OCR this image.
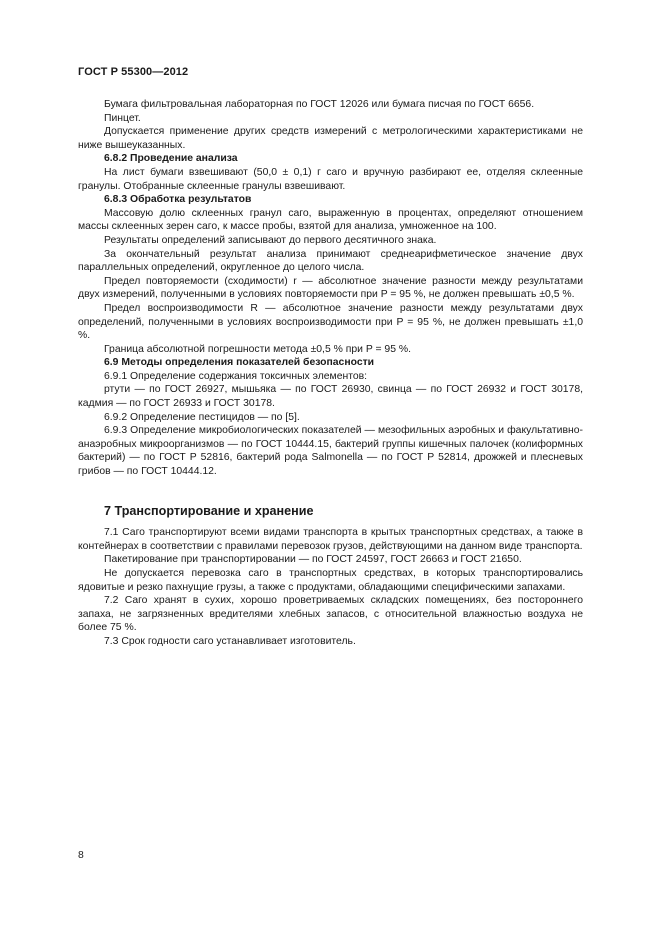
ГОСТ Р 55300—2012

Бумага фильтровальная лабораторная по ГОСТ 12026 или бумага писчая по ГОСТ 6656.

Пинцет.

Допускается применение других средств измерений с метрологическими характеристиками не ниже вышеуказанных.

6.8.2 Проведение анализа

На лист бумаги взвешивают (50,0 ± 0,1) г саго и вручную разбирают ее, отделяя склеенные гранулы. Отобранные склеенные гранулы взвешивают.

6.8.3 Обработка результатов

Массовую долю склеенных гранул саго, выраженную в процентах, определяют отношением массы склеенных зерен саго, к массе пробы, взятой для анализа, умноженное на 100.

Результаты определений записывают до первого десятичного знака.

За окончательный результат анализа принимают среднеарифметическое значение двух параллельных определений, округленное до целого числа.

Предел повторяемости (сходимости) r — абсолютное значение разности между результатами двух измерений, полученными в условиях повторяемости при P = 95 %, не должен превышать ±0,5 %.

Предел воспроизводимости R — абсолютное значение разности между результатами двух определений, полученными в условиях воспроизводимости при P = 95 %, не должен превышать ±1,0 %.

Граница абсолютной погрешности метода ±0,5 % при P = 95 %.

6.9 Методы определения показателей безопасности

6.9.1 Определение содержания токсичных элементов:

ртути — по ГОСТ 26927, мышьяка — по ГОСТ 26930, свинца — по ГОСТ 26932 и ГОСТ 30178, кадмия — по ГОСТ 26933 и ГОСТ 30178.

6.9.2 Определение пестицидов — по [5].

6.9.3 Определение микробиологических показателей — мезофильных аэробных и факультативно-анаэробных микроорганизмов — по ГОСТ 10444.15, бактерий группы кишечных палочек (колиформных бактерий) — по ГОСТ Р 52816, бактерий рода Salmonella — по ГОСТ Р 52814, дрожжей и плесневых грибов — по ГОСТ 10444.12.

7 Транспортирование и хранение

7.1 Саго транспортируют всеми видами транспорта в крытых транспортных средствах, а также в контейнерах в соответствии с правилами перевозок грузов, действующими на данном виде транспорта.

Пакетирование при транспортировании — по ГОСТ 24597, ГОСТ 26663 и ГОСТ 21650.

Не допускается перевозка саго в транспортных средствах, в которых транспортировались ядовитые и резко пахнущие грузы, а также с продуктами, обладающими специфическими запахами.

7.2 Саго хранят в сухих, хорошо проветриваемых складских помещениях, без постороннего запаха, не загрязненных вредителями хлебных запасов, с относительной влажностью воздуха не более 75 %.

7.3 Срок годности саго устанавливает изготовитель.

8
